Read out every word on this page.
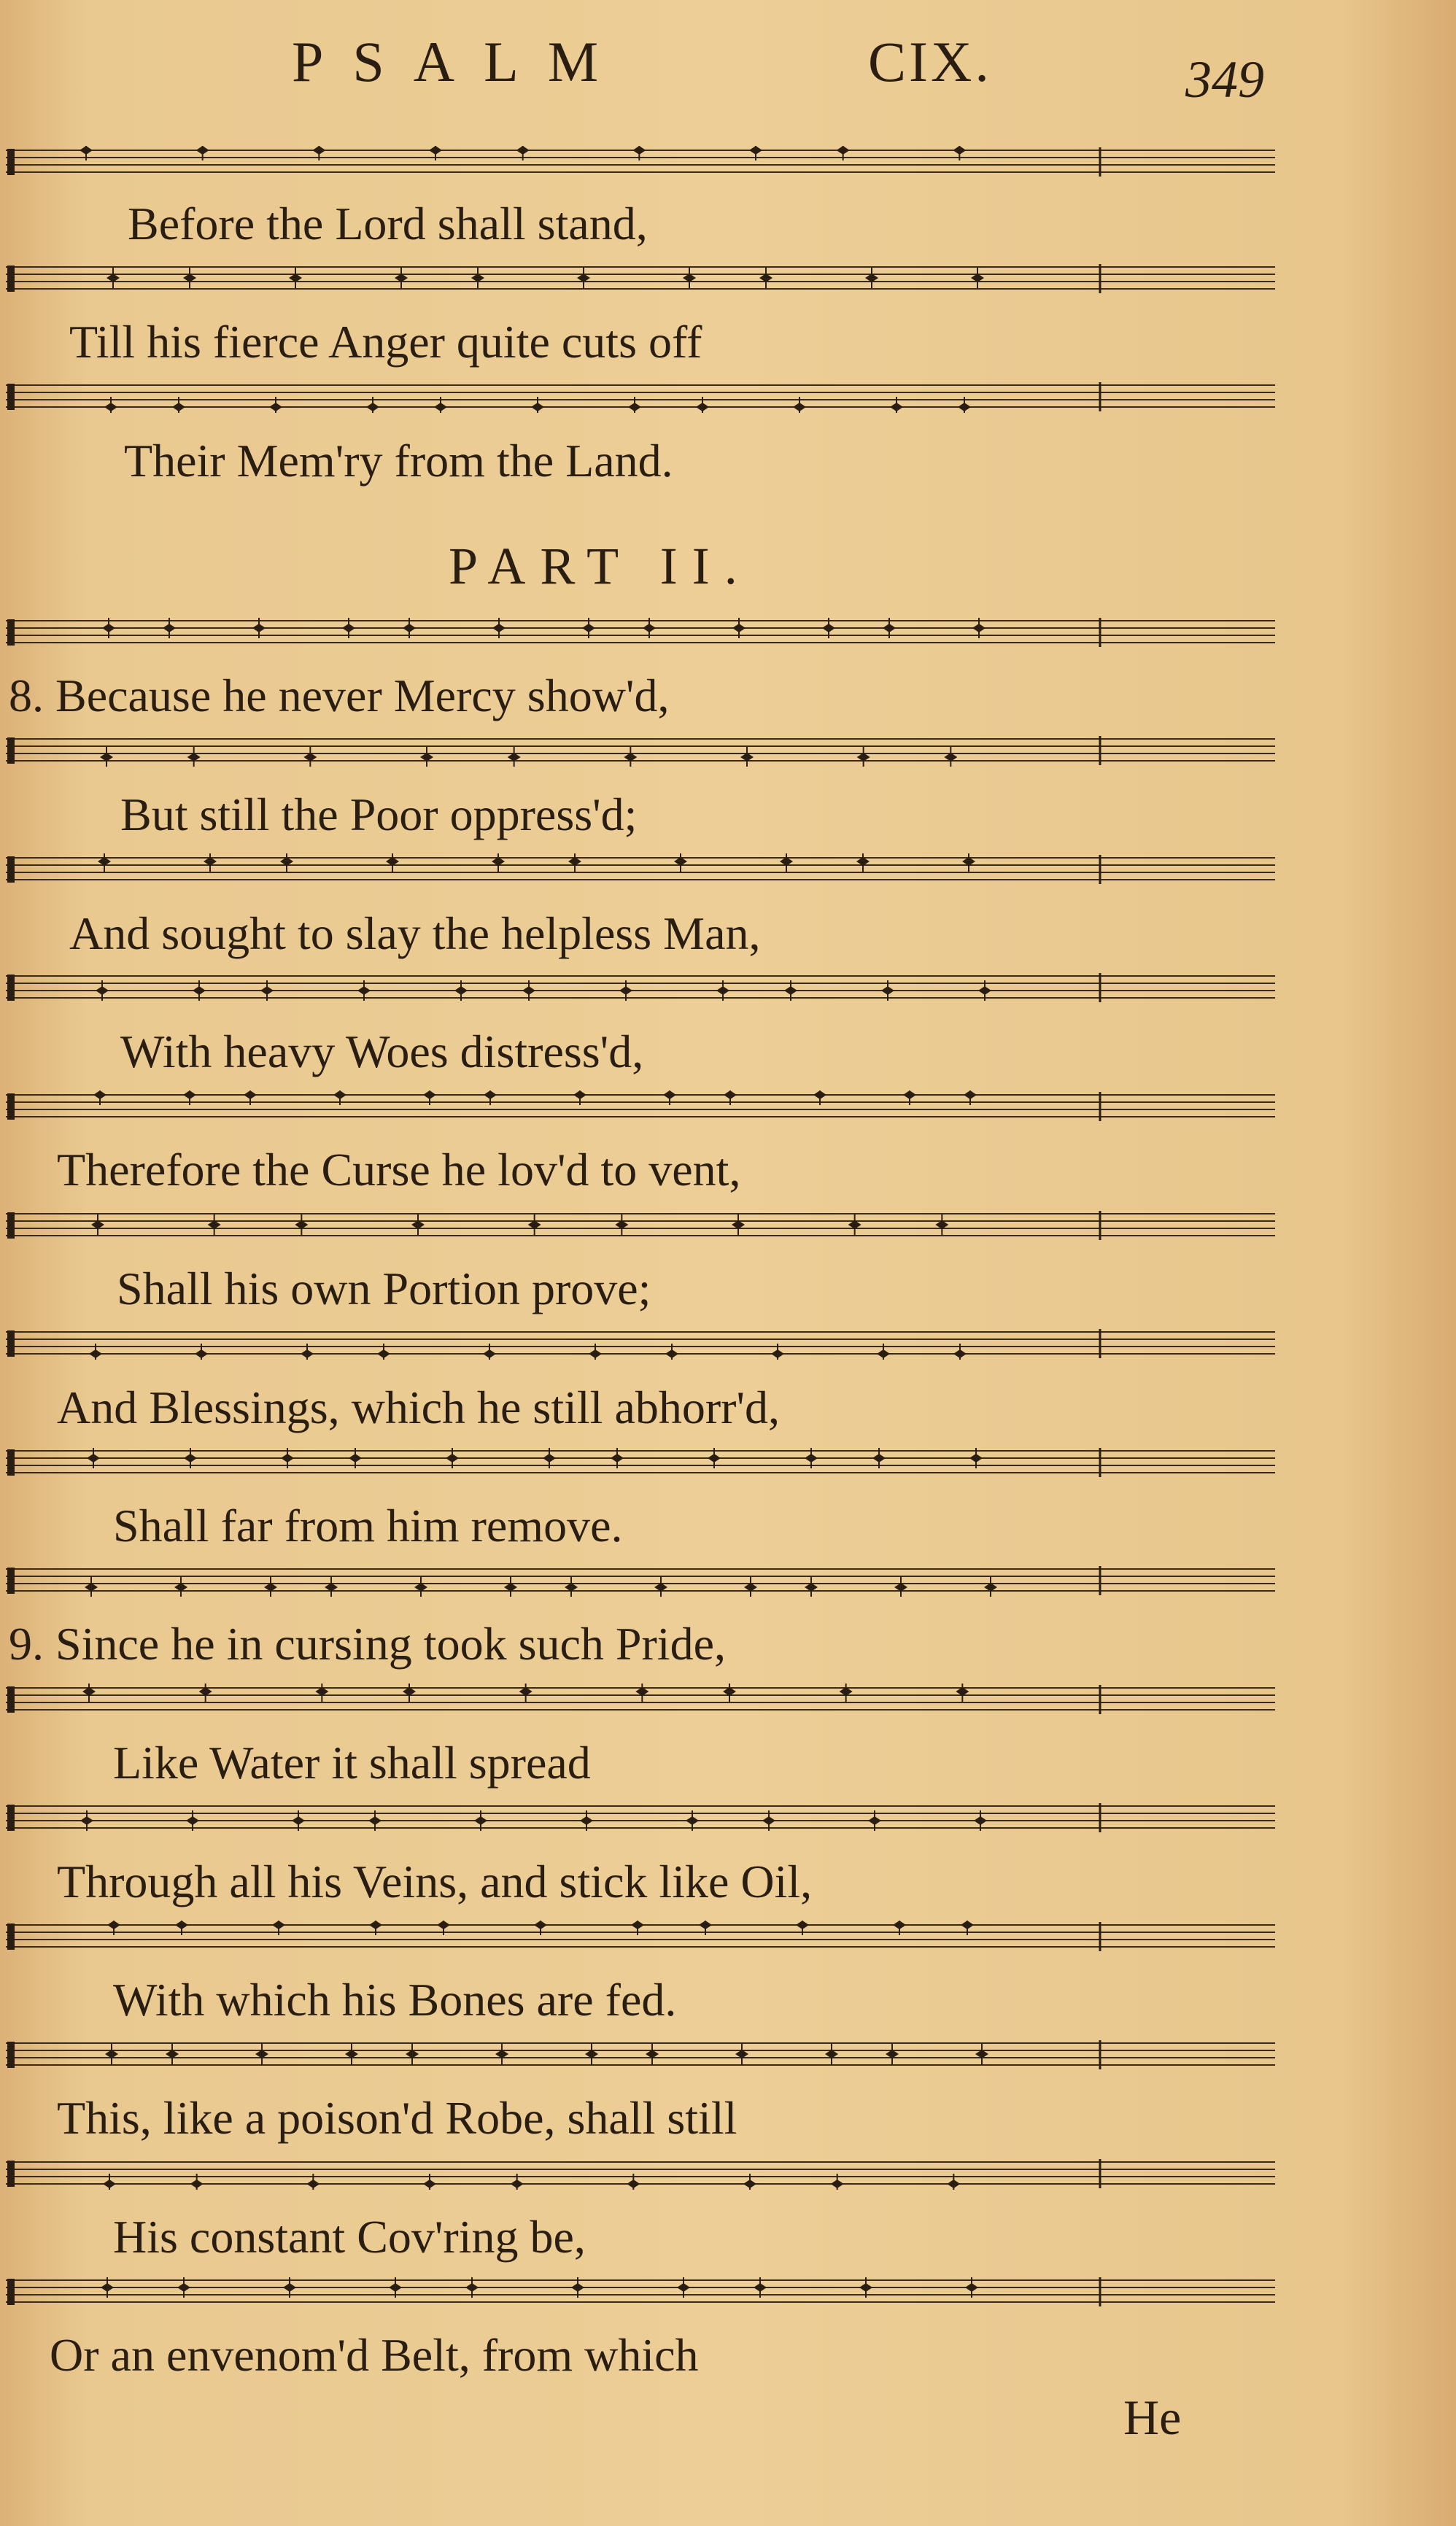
PSALM	CIX.	349
PART II.
Before the Lord shall stand,
Till his fierce Anger quite cuts off
Their Mem'ry from the Land.
8. Because he never Mercy show'd,
But still the Poor oppress'd;
And sought to slay the helpless Man,
With heavy Woes distress'd,
Therefore the Curse he lov'd to vent,
Shall his own Portion prove;
And Blessings, which he still abhorr'd,
Shall far from him remove.
9. Since he in cursing took such Pride,
Like Water it shall spread
Through all his Veins, and stick like Oil,
With which his Bones are fed.
This, like a poison'd Robe, shall still
His constant Cov'ring be,
Or an envenom'd Belt, from which
He
